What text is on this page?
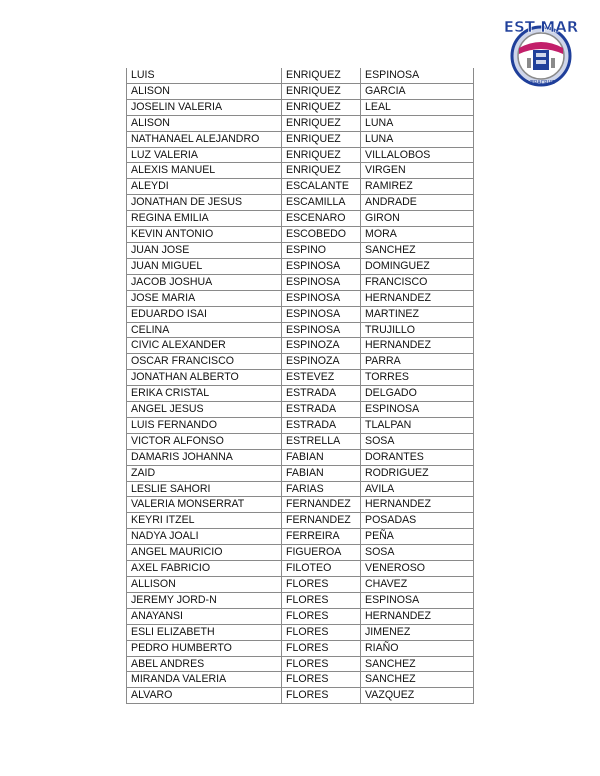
EST MAR
VERACRUZ
LUIS	ENRIQUEZ	ESPINOSA
ALISON	ENRIQUEZ	GARCIA
JOSELIN VALERIA	ENRIQUEZ	LEAL
ALISON	ENRIQUEZ	LUNA
NATHANAEL ALEJANDRO	ENRIQUEZ	LUNA
LUZ VALERIA	ENRIQUEZ	VILLALOBOS
ALEXIS MANUEL	ENRIQUEZ	VIRGEN
ALEYDI	ESCALANTE	RAMIREZ
JONATHAN DE JESUS	ESCAMILLA	ANDRADE
REGINA EMILIA	ESCENARO	GIRON
KEVIN ANTONIO	ESCOBEDO	MORA
JUAN JOSE	ESPINO	SANCHEZ
JUAN MIGUEL	ESPINOSA	DOMINGUEZ
JACOB JOSHUA	ESPINOSA	FRANCISCO
JOSE MARIA	ESPINOSA	HERNANDEZ
EDUARDO ISAI	ESPINOSA	MARTINEZ
CELINA	ESPINOSA	TRUJILLO
CIVIC ALEXANDER	ESPINOZA	HERNANDEZ
OSCAR FRANCISCO	ESPINOZA	PARRA
JONATHAN ALBERTO	ESTEVEZ	TORRES
ERIKA CRISTAL	ESTRADA	DELGADO
ANGEL JESUS	ESTRADA	ESPINOSA
LUIS FERNANDO	ESTRADA	TLALPAN
VICTOR ALFONSO	ESTRELLA	SOSA
DAMARIS JOHANNA	FABIAN	DORANTES
ZAID	FABIAN	RODRIGUEZ
LESLIE SAHORI	FARIAS	AVILA
VALERIA MONSERRAT	FERNANDEZ	HERNANDEZ
KEYRI ITZEL	FERNANDEZ	POSADAS
NADYA JOALI	FERREIRA	PEÑA
ANGEL MAURICIO	FIGUEROA	SOSA
AXEL FABRICIO	FILOTEO	VENEROSO
ALLISON	FLORES	CHAVEZ
JEREMY JORD-N	FLORES	ESPINOSA
ANAYANSI	FLORES	HERNANDEZ
ESLI ELIZABETH	FLORES	JIMENEZ
PEDRO HUMBERTO	FLORES	RIAÑO
ABEL ANDRES	FLORES	SANCHEZ
MIRANDA VALERIA	FLORES	SANCHEZ
ALVARO	FLORES	VAZQUEZ
